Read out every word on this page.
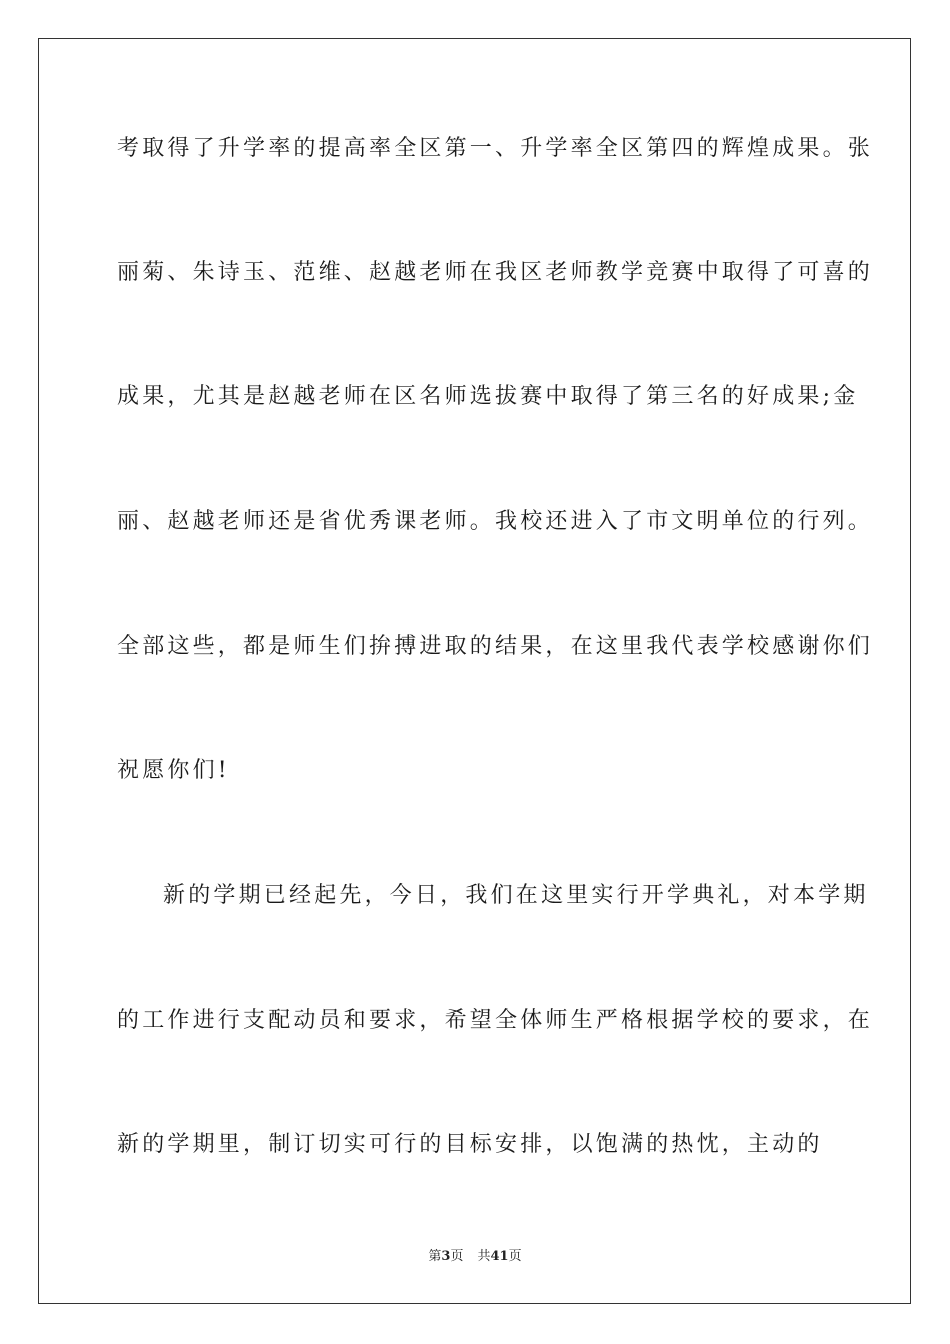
考取得了升学率的提高率全区第一、升学率全区第四的辉煌成果。张
丽菊、朱诗玉、范维、赵越老师在我区老师教学竞赛中取得了可喜的
成果，尤其是赵越老师在区名师选拔赛中取得了第三名的好成果;金
丽、赵越老师还是省优秀课老师。我校还进入了市文明单位的行列。
全部这些，都是师生们拚搏进取的结果，在这里我代表学校感谢你们
祝愿你们!
新的学期已经起先，今日，我们在这里实行开学典礼，对本学期
的工作进行支配动员和要求，希望全体师生严格根据学校的要求，在
新的学期里，制订切实可行的目标安排，以饱满的热忱，主动的
第3页 共41页
